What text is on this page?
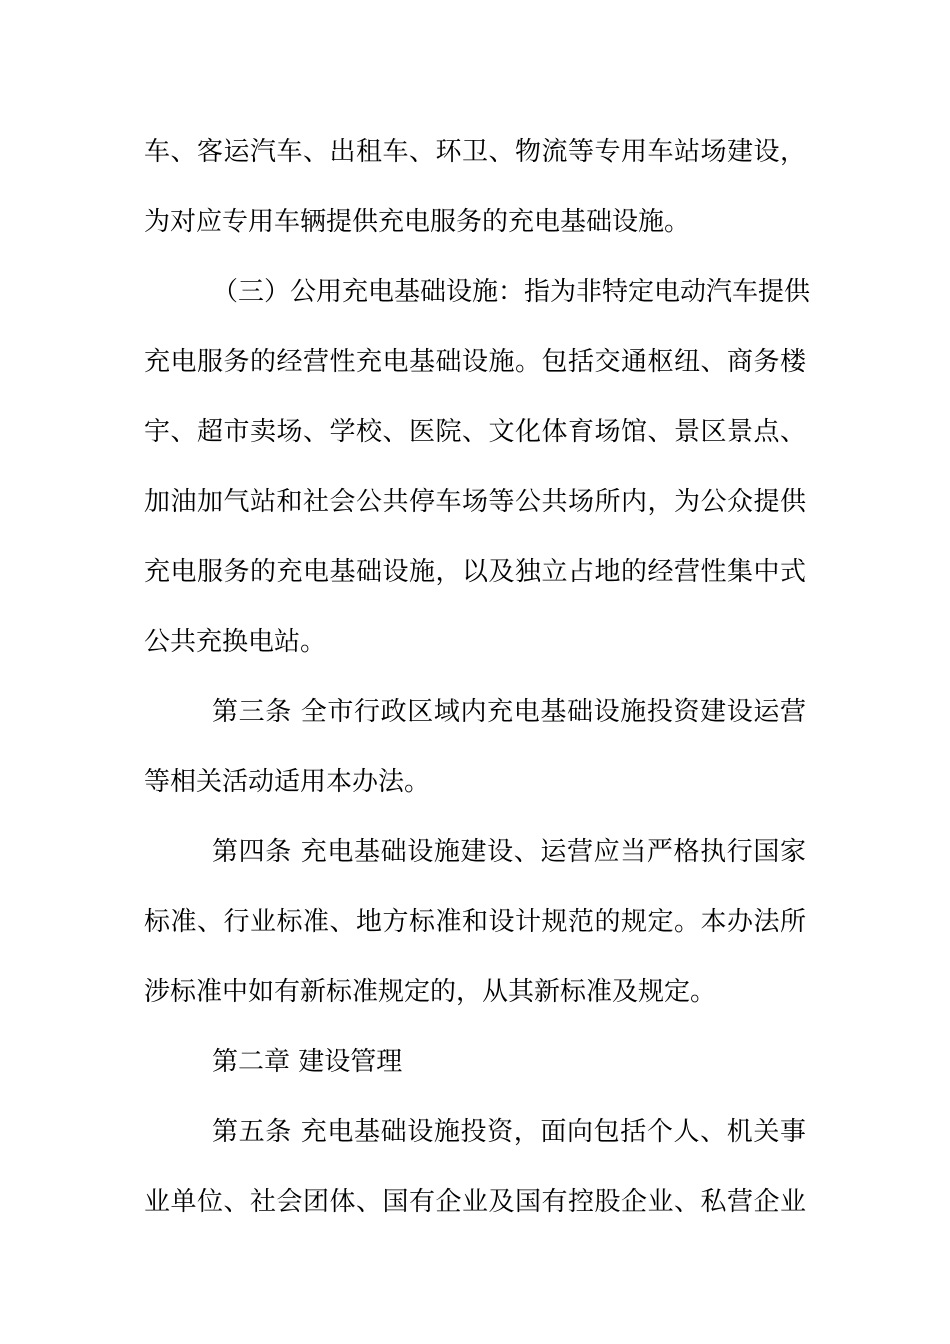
车、客运汽车、出租车、环卫、物流等专用车站场建设，
为对应专用车辆提供充电服务的充电基础设施。
（三）公用充电基础设施：指为非特定电动汽车提供
充电服务的经营性充电基础设施。包括交通枢纽、商务楼
宇、超市卖场、学校、医院、文化体育场馆、景区景点、
加油加气站和社会公共停车场等公共场所内，为公众提供
充电服务的充电基础设施，以及独立占地的经营性集中式
公共充换电站。
第三条 全市行政区域内充电基础设施投资建设运营
等相关活动适用本办法。
第四条 充电基础设施建设、运营应当严格执行国家
标准、行业标准、地方标准和设计规范的规定。本办法所
涉标准中如有新标准规定的，从其新标准及规定。
第二章 建设管理
第五条 充电基础设施投资，面向包括个人、机关事
业单位、社会团体、国有企业及国有控股企业、私营企业
